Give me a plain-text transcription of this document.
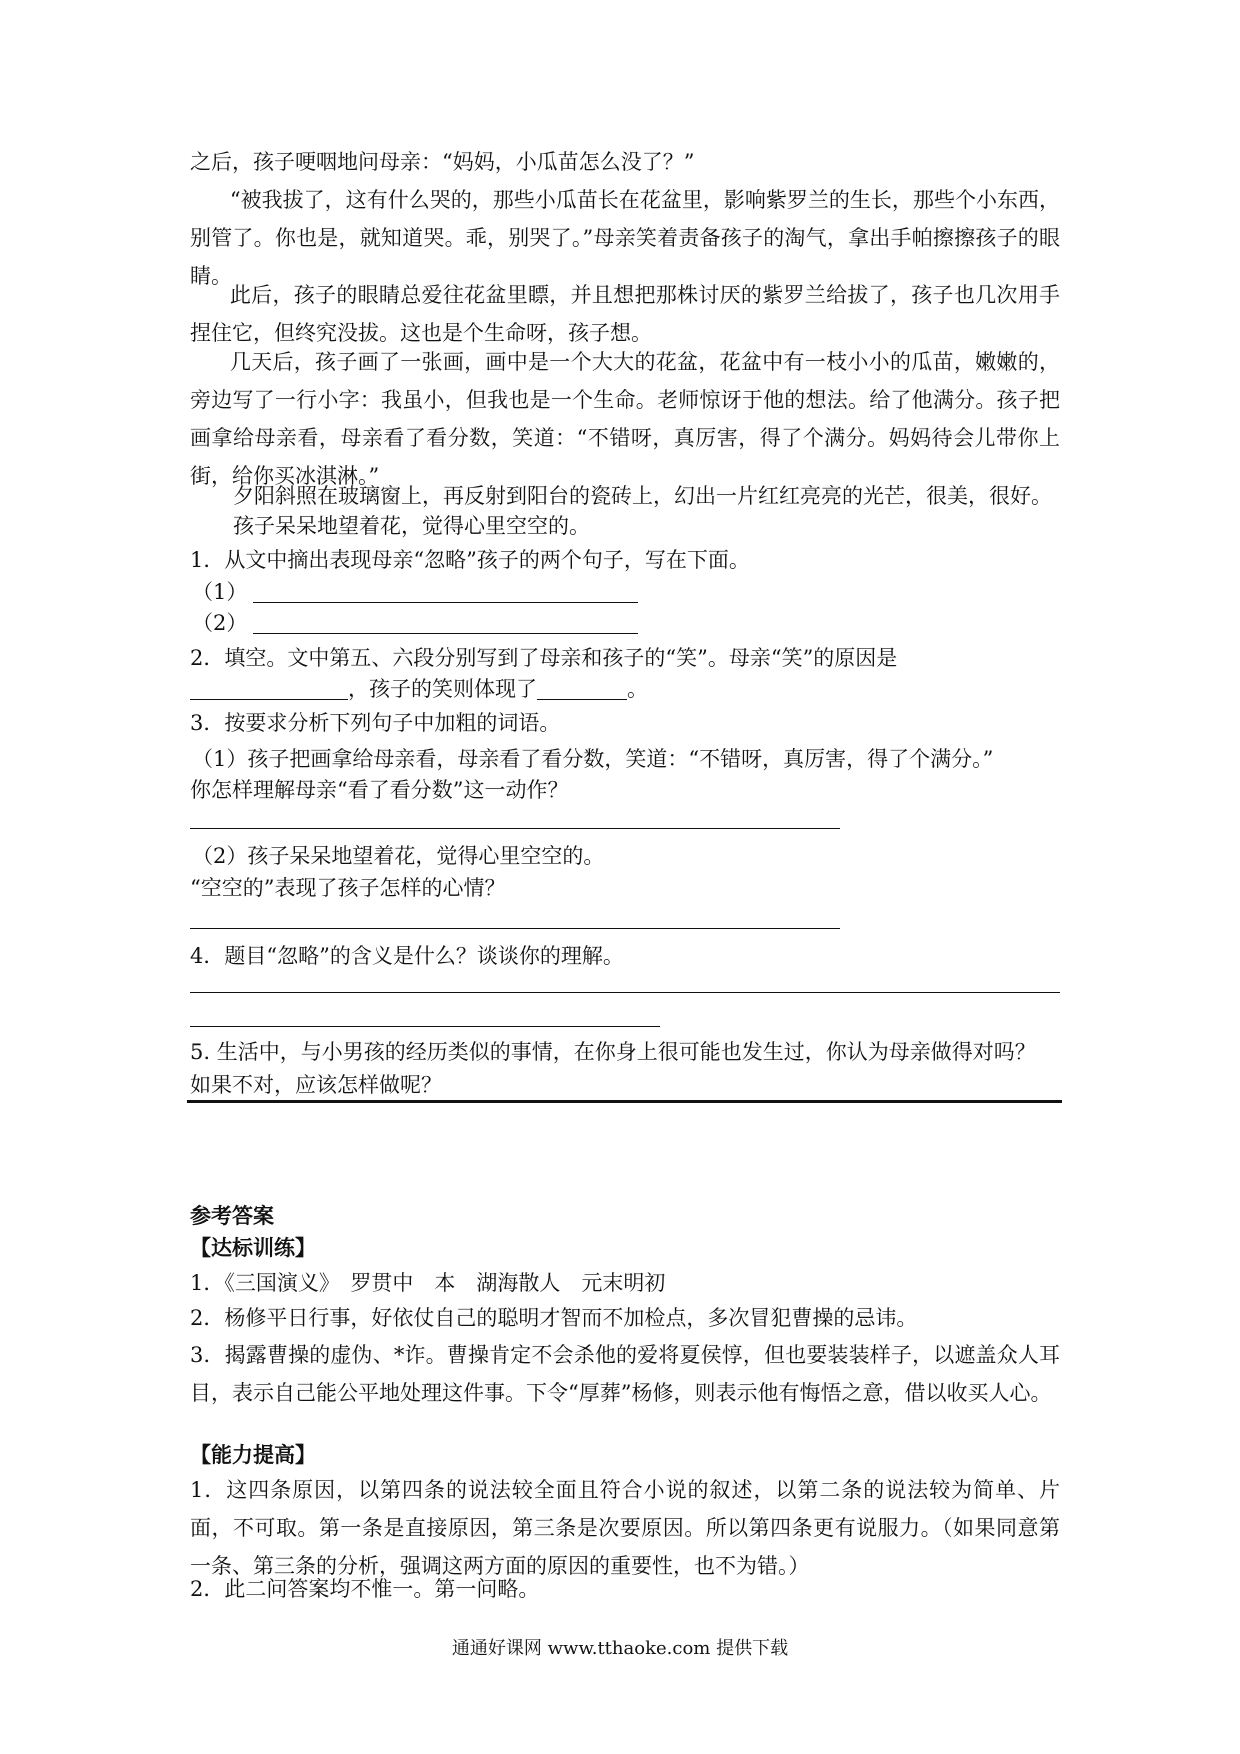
之后，孩子哽咽地问母亲：“妈妈，小瓜苗怎么没了？”
“被我拔了，这有什么哭的，那些小瓜苗长在花盆里，影响紫罗兰的生长，那些个小东西，别管了。你也是，就知道哭。乖，别哭了。”母亲笑着责备孩子的淘气，拿出手帕擦擦孩子的眼睛。
此后，孩子的眼睛总爱往花盆里瞟，并且想把那株讨厌的紫罗兰给拔了，孩子也几次用手捏住它，但终究没拔。这也是个生命呀，孩子想。
几天后，孩子画了一张画，画中是一个大大的花盆，花盆中有一枝小小的瓜苗，嫩嫩的，旁边写了一行小字：我虽小，但我也是一个生命。老师惊讶于他的想法。给了他满分。孩子把画拿给母亲看，母亲看了看分数，笑道：“不错呀，真厉害，得了个满分。妈妈待会儿带你上街，给你买冰淇淋。”
夕阳斜照在玻璃窗上，再反射到阳台的瓷砖上，幻出一片红红亮亮的光芒，很美，很好。
孩子呆呆地望着花，觉得心里空空的。
1．从文中摘出表现母亲“忽略”孩子的两个句子，写在下面。
（1）
（2）
2．填空。文中第五、六段分别写到了母亲和孩子的“笑”。母亲“笑”的原因是
，孩子的笑则体现了	。
3．按要求分析下列句子中加粗的词语。
（1）孩子把画拿给母亲看，母亲看了看分数，笑道：“不错呀，真厉害，得了个满分。”
你怎样理解母亲“看了看分数”这一动作？
（2）孩子呆呆地望着花，觉得心里空空的。
“空空的”表现了孩子怎样的心情？
4．题目“忽略”的含义是什么？谈谈你的理解。
5. 生活中，与小男孩的经历类似的事情，在你身上很可能也发生过，你认为母亲做得对吗？
如果不对，应该怎样做呢？
参考答案
【达标训练】
1．《三国演义》　罗贯中　本　湖海散人　元末明初
2．杨修平日行事，好依仗自己的聪明才智而不加检点，多次冒犯曹操的忌讳。
3．揭露曹操的虚伪、*诈。曹操肯定不会杀他的爱将夏侯惇，但也要装装样子，以遮盖众人耳目，表示自己能公平地处理这件事。下令“厚葬”杨修，则表示他有悔悟之意，借以收买人心。
【能力提高】
1．这四条原因，以第四条的说法较全面且符合小说的叙述，以第二条的说法较为简单、片面，不可取。第一条是直接原因，第三条是次要原因。所以第四条更有说服力。（如果同意第一条、第三条的分析，强调这两方面的原因的重要性，也不为错。）
2．此二问答案均不惟一。第一问略。
通通好课网 www.tthaoke.com 提供下载
